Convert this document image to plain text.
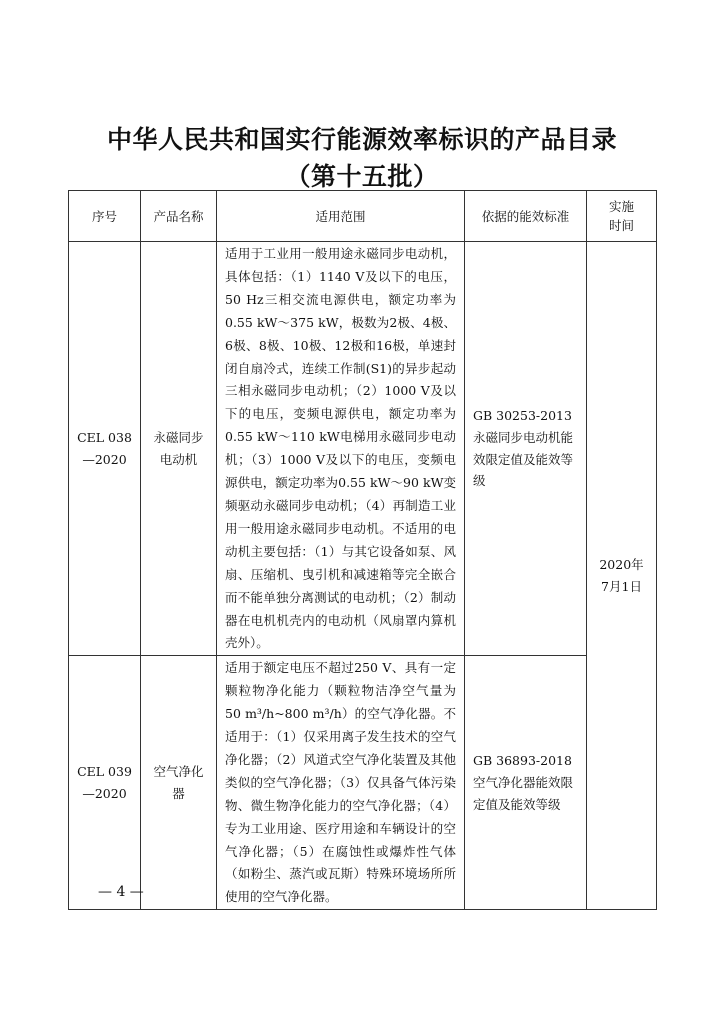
中华人民共和国实行能源效率标识的产品目录
（第十五批）
序号	产品名称	适用范围	依据的能效标准	实施时间
CEL 038—2020	永磁同步电动机	适用于工业用一般用途永磁同步电动机，具体包括：（1）1140 V及以下的电压，50 Hz三相交流电源供电，额定功率为0.55 kW～375 kW，极数为2极、4极、6极、8极、10极、12极和16极，单速封闭自扇冷式，连续工作制(S1)的异步起动三相永磁同步电动机；（2）1000 V及以下的电压，变频电源供电，额定功率为0.55 kW～110 kW电梯用永磁同步电动机；（3）1000 V及以下的电压，变频电源供电，额定功率为0.55 kW～90 kW变频驱动永磁同步电动机；（4）再制造工业用一般用途永磁同步电动机。不适用的电动机主要包括：（1）与其它设备如泵、风扇、压缩机、曳引机和减速箱等完全嵌合而不能单独分离测试的电动机；（2）制动器在电机机壳内的电动机（风扇罩内算机壳外）。	GB 30253-2013永磁同步电动机能效限定值及能效等级	2020年7月1日
CEL 039—2020	空气净化器	适用于额定电压不超过250 V、具有一定颗粒物净化能力（颗粒物洁净空气量为 50 m³/h~800 m³/h）的空气净化器。不适用于：（1）仅采用离子发生技术的空气净化器；（2）风道式空气净化装置及其他类似的空气净化器；（3）仅具备气体污染物、微生物净化能力的空气净化器；（4）专为工业用途、医疗用途和车辆设计的空气净化器；（5）在腐蚀性或爆炸性气体（如粉尘、蒸汽或瓦斯）特殊环境场所所使用的空气净化器。	GB 36893-2018空气净化器能效限定值及能效等级	
— 4 —
